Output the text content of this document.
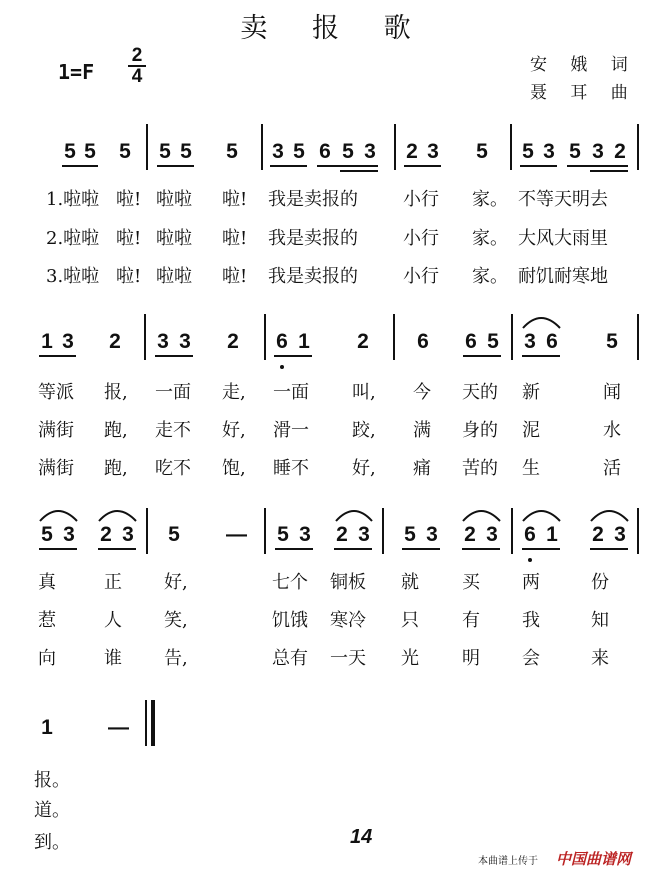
卖 报 歌
1=F
2
4
安 娥 词
聂 耳 曲
5 5 5 5 5 5 3 5 6 5 3 2 3 5 5 3 5 3 2
1.啦啦 啦! 啦啦 啦! 我是卖报的	小行 家。 不等天明去
2.啦啦 啦! 啦啦 啦! 我是卖报的	小行 家。 大风大雨里
3.啦啦 啦! 啦啦 啦! 我是卖报的	小行 家。 耐饥耐寒地
1 3 2 3 3 2 6 1 2 6 6 5 3 6 5
等派 报, 一面 走, 一面 叫, 今 天的 新	闻
满街 跑, 走不 好, 滑一 跤, 满 身的 泥	水
满街 跑, 吃不 饱, 睡不 好, 痛 苦的 生	活
5 3 2 3 5 — 5 3 2 3 5 3 2 3 6 1 2 3
真	正 好,	七个 铜板 就 买 两	份
惹	人 笑,	饥饿 寒冷 只 有 我	知
向	谁 告,	总有 一天 光 明 会	来
1	—
报。
道。
到。	14
本曲谱上传于 中国曲谱网
